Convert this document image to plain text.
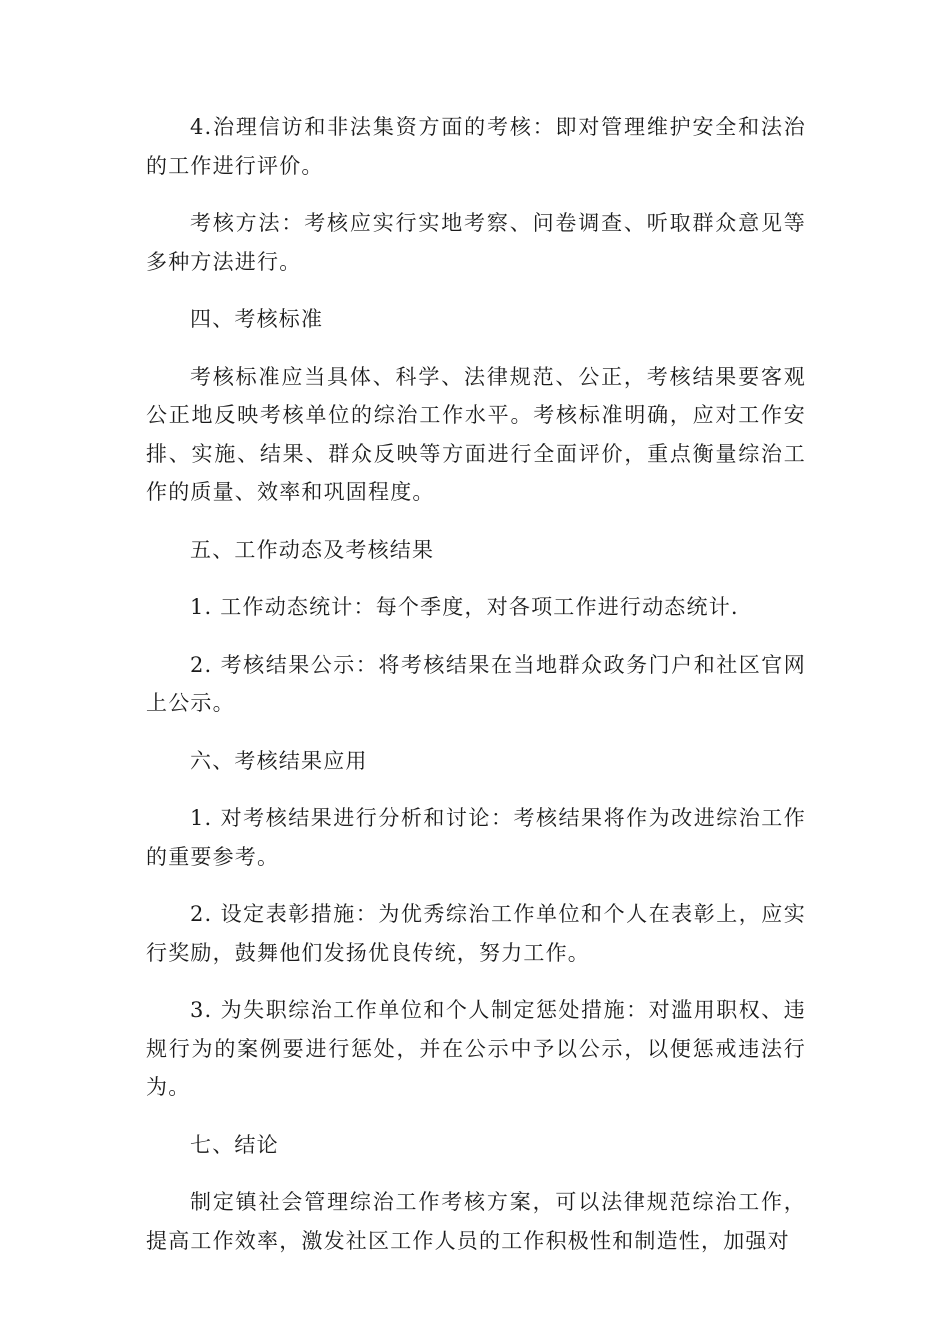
4.治理信访和非法集资方面的考核：即对管理维护安全和法治的工作进行评价。

考核方法：考核应实行实地考察、问卷调查、听取群众意见等多种方法进行。

四、考核标准

考核标准应当具体、科学、法律规范、公正，考核结果要客观公正地反映考核单位的综治工作水平。考核标准明确，应对工作安排、实施、结果、群众反映等方面进行全面评价，重点衡量综治工作的质量、效率和巩固程度。

五、工作动态及考核结果

1. 工作动态统计：每个季度，对各项工作进行动态统计.

2. 考核结果公示：将考核结果在当地群众政务门户和社区官网上公示。

六、考核结果应用

1. 对考核结果进行分析和讨论：考核结果将作为改进综治工作的重要参考。

2. 设定表彰措施：为优秀综治工作单位和个人在表彰上，应实行奖励，鼓舞他们发扬优良传统，努力工作。

3. 为失职综治工作单位和个人制定惩处措施：对滥用职权、违规行为的案例要进行惩处，并在公示中予以公示，以便惩戒违法行为。

七、结论

制定镇社会管理综治工作考核方案，可以法律规范综治工作，提高工作效率，激发社区工作人员的工作积极性和制造性，加强对
